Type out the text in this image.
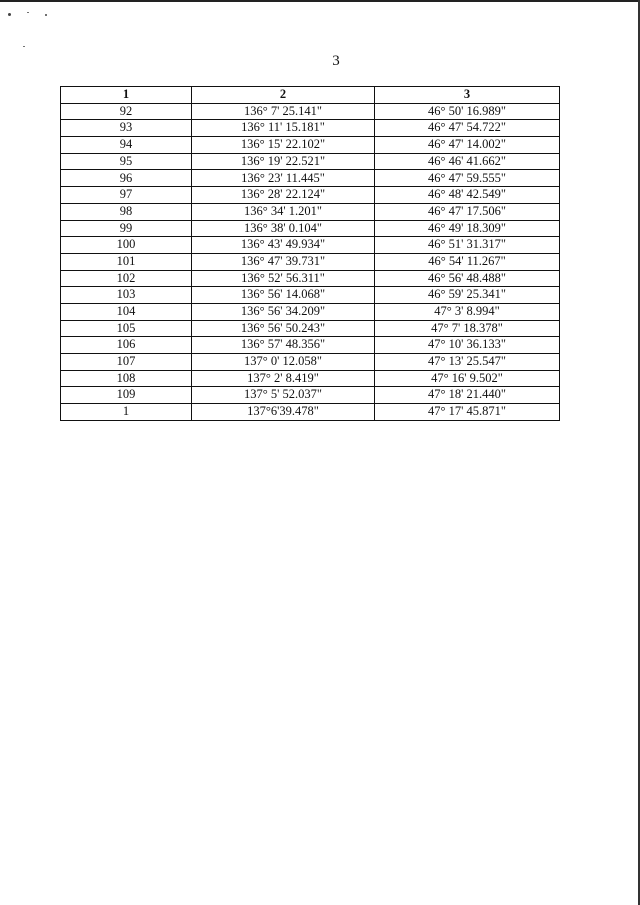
3
1	2	3
92	136° 7' 25.141"	46° 50' 16.989"
93	136° 11' 15.181"	46° 47' 54.722"
94	136° 15' 22.102"	46° 47' 14.002"
95	136° 19' 22.521"	46° 46' 41.662"
96	136° 23' 11.445"	46° 47' 59.555"
97	136° 28' 22.124"	46° 48' 42.549"
98	136° 34' 1.201"	46° 47' 17.506"
99	136° 38' 0.104"	46° 49' 18.309"
100	136° 43' 49.934"	46° 51' 31.317"
101	136° 47' 39.731"	46° 54' 11.267"
102	136° 52' 56.311"	46° 56' 48.488"
103	136° 56' 14.068"	46° 59' 25.341"
104	136° 56' 34.209"	47° 3' 8.994"
105	136° 56' 50.243"	47° 7' 18.378"
106	136° 57' 48.356"	47° 10' 36.133"
107	137° 0' 12.058"	47° 13' 25.547"
108	137° 2' 8.419"	47° 16' 9.502"
109	137° 5' 52.037"	47° 18' 21.440"
1	137°6'39.478"	47° 17' 45.871"
